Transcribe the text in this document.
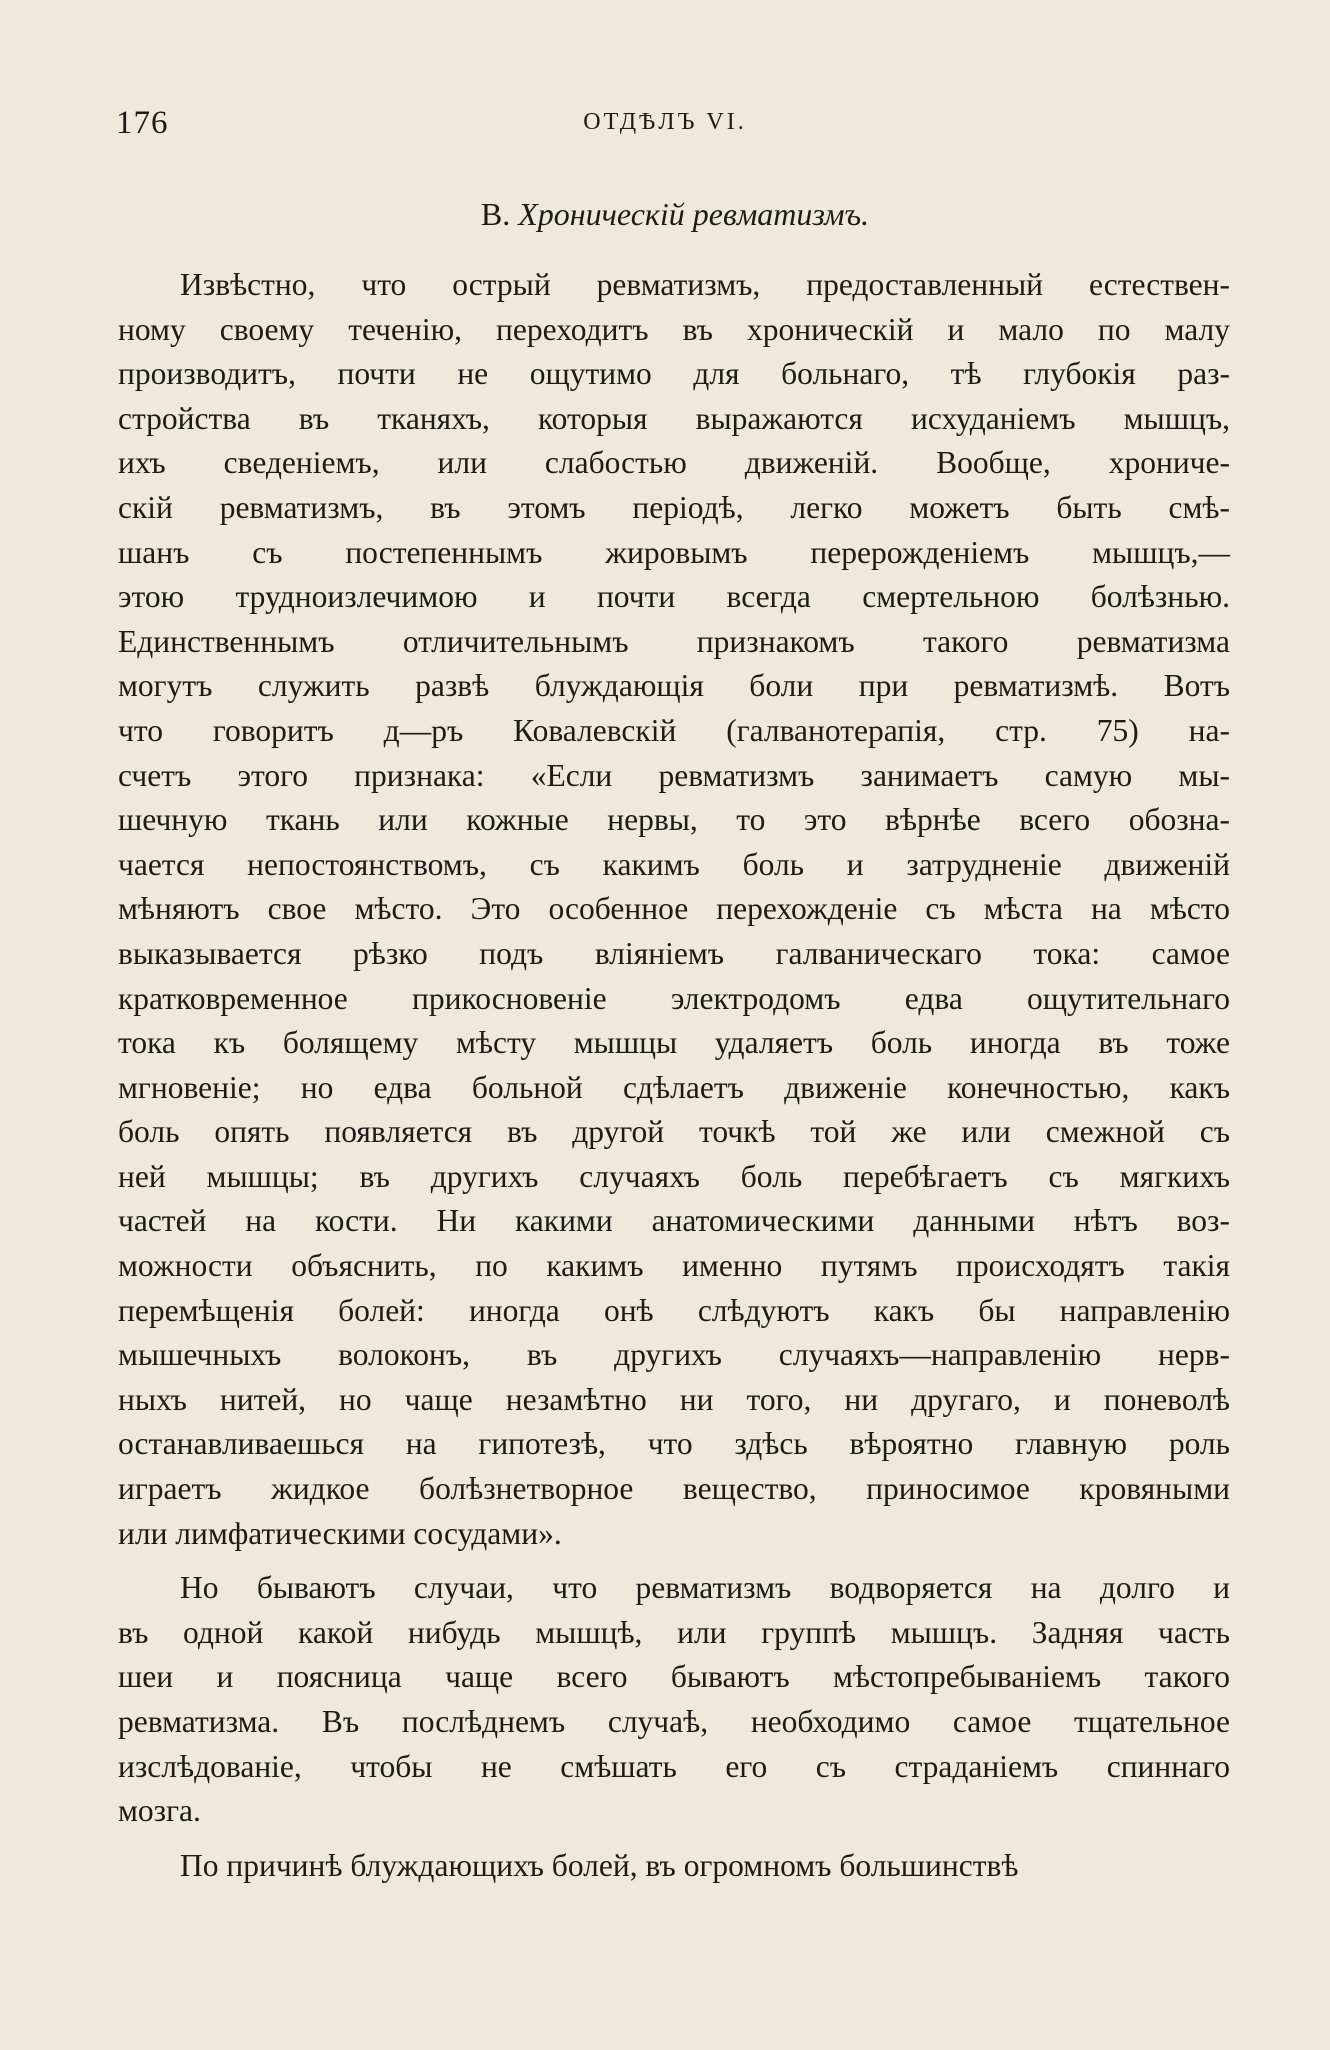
176	ОТДѢЛЪ VI.
В. Хроническій ревматизмъ.
Извѣстно, что острый ревматизмъ, предоставленный естествен-
ному своему теченію, переходитъ въ хроническій и мало по малу
производитъ, почти не ощутимо для больнаго, тѣ глубокія раз-
стройства въ тканяхъ, которыя выражаются исхуданіемъ мышцъ,
ихъ сведеніемъ, или слабостью движеній. Вообще, хрониче-
скій ревматизмъ, въ этомъ періодѣ, легко можетъ быть смѣ-
шанъ съ постепеннымъ жировымъ перерожденіемъ мышцъ,—
этою трудноизлечимою и почти всегда смертельною болѣзнью.
Единственнымъ отличительнымъ признакомъ такого ревматизма
могутъ служить развѣ блуждающія боли при ревматизмѣ. Вотъ
что говоритъ д—ръ Ковалевскій (галванотерапія, стр. 75) на-
счетъ этого признака: «Если ревматизмъ занимаетъ самую мы-
шечную ткань или кожные нервы, то это вѣрнѣе всего обозна-
чается непостоянствомъ, съ какимъ боль и затрудненіе движеній
мѣняютъ свое мѣсто. Это особенное перехожденіе съ мѣста на мѣсто
выказывается рѣзко подъ вліяніемъ галваническаго тока: самое
кратковременное прикосновеніе электродомъ едва ощутительнаго
тока къ болящему мѣсту мышцы удаляетъ боль иногда въ тоже
мгновеніе; но едва больной сдѣлаетъ движеніе конечностью, какъ
боль опять появляется въ другой точкѣ той же или смежной съ
ней мышцы; въ другихъ случаяхъ боль перебѣгаетъ съ мягкихъ
частей на кости. Ни какими анатомическими данными нѣтъ воз-
можности объяснить, по какимъ именно путямъ происходятъ такія
перемѣщенія болей: иногда онѣ слѣдуютъ какъ бы направленію
мышечныхъ волоконъ, въ другихъ случаяхъ—направленію нерв-
ныхъ нитей, но чаще незамѣтно ни того, ни другаго, и поневолѣ
останавливаешься на гипотезѣ, что здѣсь вѣроятно главную роль
играетъ жидкое болѣзнетворное вещество, приносимое кровяными
или лимфатическими сосудами».
Но бываютъ случаи, что ревматизмъ водворяется на долго и
въ одной какой нибудь мышцѣ, или группѣ мышцъ. Задняя часть
шеи и поясница чаще всего бываютъ мѣстопребываніемъ такого
ревматизма. Въ послѣднемъ случаѣ, необходимо самое тщательное
изслѣдованіе, чтобы не смѣшать его съ страданіемъ спиннаго
мозга.
По причинѣ блуждающихъ болей, въ огромномъ большинствѣ
